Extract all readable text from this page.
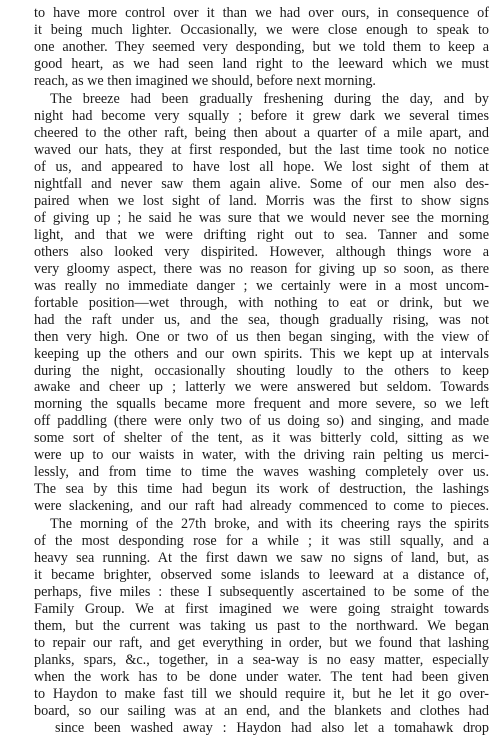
to have more control over it than we had over ours, in consequence of
it being much lighter. Occasionally, we were close enough to speak to
one another. They seemed very desponding, but we told them to keep a
good heart, as we had seen land right to the leeward which we must
reach, as we then imagined we should, before next morning.
The breeze had been gradually freshening during the day, and by
night had become very squally ; before it grew dark we several times
cheered to the other raft, being then about a quarter of a mile apart, and
waved our hats, they at first responded, but the last time took no notice
of us, and appeared to have lost all hope. We lost sight of them at
nightfall and never saw them again alive. Some of our men also des-
paired when we lost sight of land. Morris was the first to show signs
of giving up ; he said he was sure that we would never see the morning
light, and that we were drifting right out to sea. Tanner and some
others also looked very dispirited. However, although things wore a
very gloomy aspect, there was no reason for giving up so soon, as there
was really no immediate danger ; we certainly were in a most uncom-
fortable position—wet through, with nothing to eat or drink, but we
had the raft under us, and the sea, though gradually rising, was not
then very high. One or two of us then began singing, with the view of
keeping up the others and our own spirits. This we kept up at intervals
during the night, occasionally shouting loudly to the others to keep
awake and cheer up ; latterly we were answered but seldom. Towards
morning the squalls became more frequent and more severe, so we left
off paddling (there were only two of us doing so) and singing, and made
some sort of shelter of the tent, as it was bitterly cold, sitting as we
were up to our waists in water, with the driving rain pelting us merci-
lessly, and from time to time the waves washing completely over us.
The sea by this time had begun its work of destruction, the lashings
were slackening, and our raft had already commenced to come to pieces.
The morning of the 27th broke, and with its cheering rays the spirits
of the most desponding rose for a while ; it was still squally, and a
heavy sea running. At the first dawn we saw no signs of land, but, as
it became brighter, observed some islands to leeward at a distance of,
perhaps, five miles : these I subsequently ascertained to be some of the
Family Group. We at first imagined we were going straight towards
them, but the current was taking us past to the northward. We began
to repair our raft, and get everything in order, but we found that lashing
planks, spars, &c., together, in a sea-way is no easy matter, especially
when the work has to be done under water. The tent had been given
to Haydon to make fast till we should require it, but he let it go over-
board, so our sailing was at an end, and the blankets and clothes had
since been washed away : Haydon had also let a tomahawk drop
